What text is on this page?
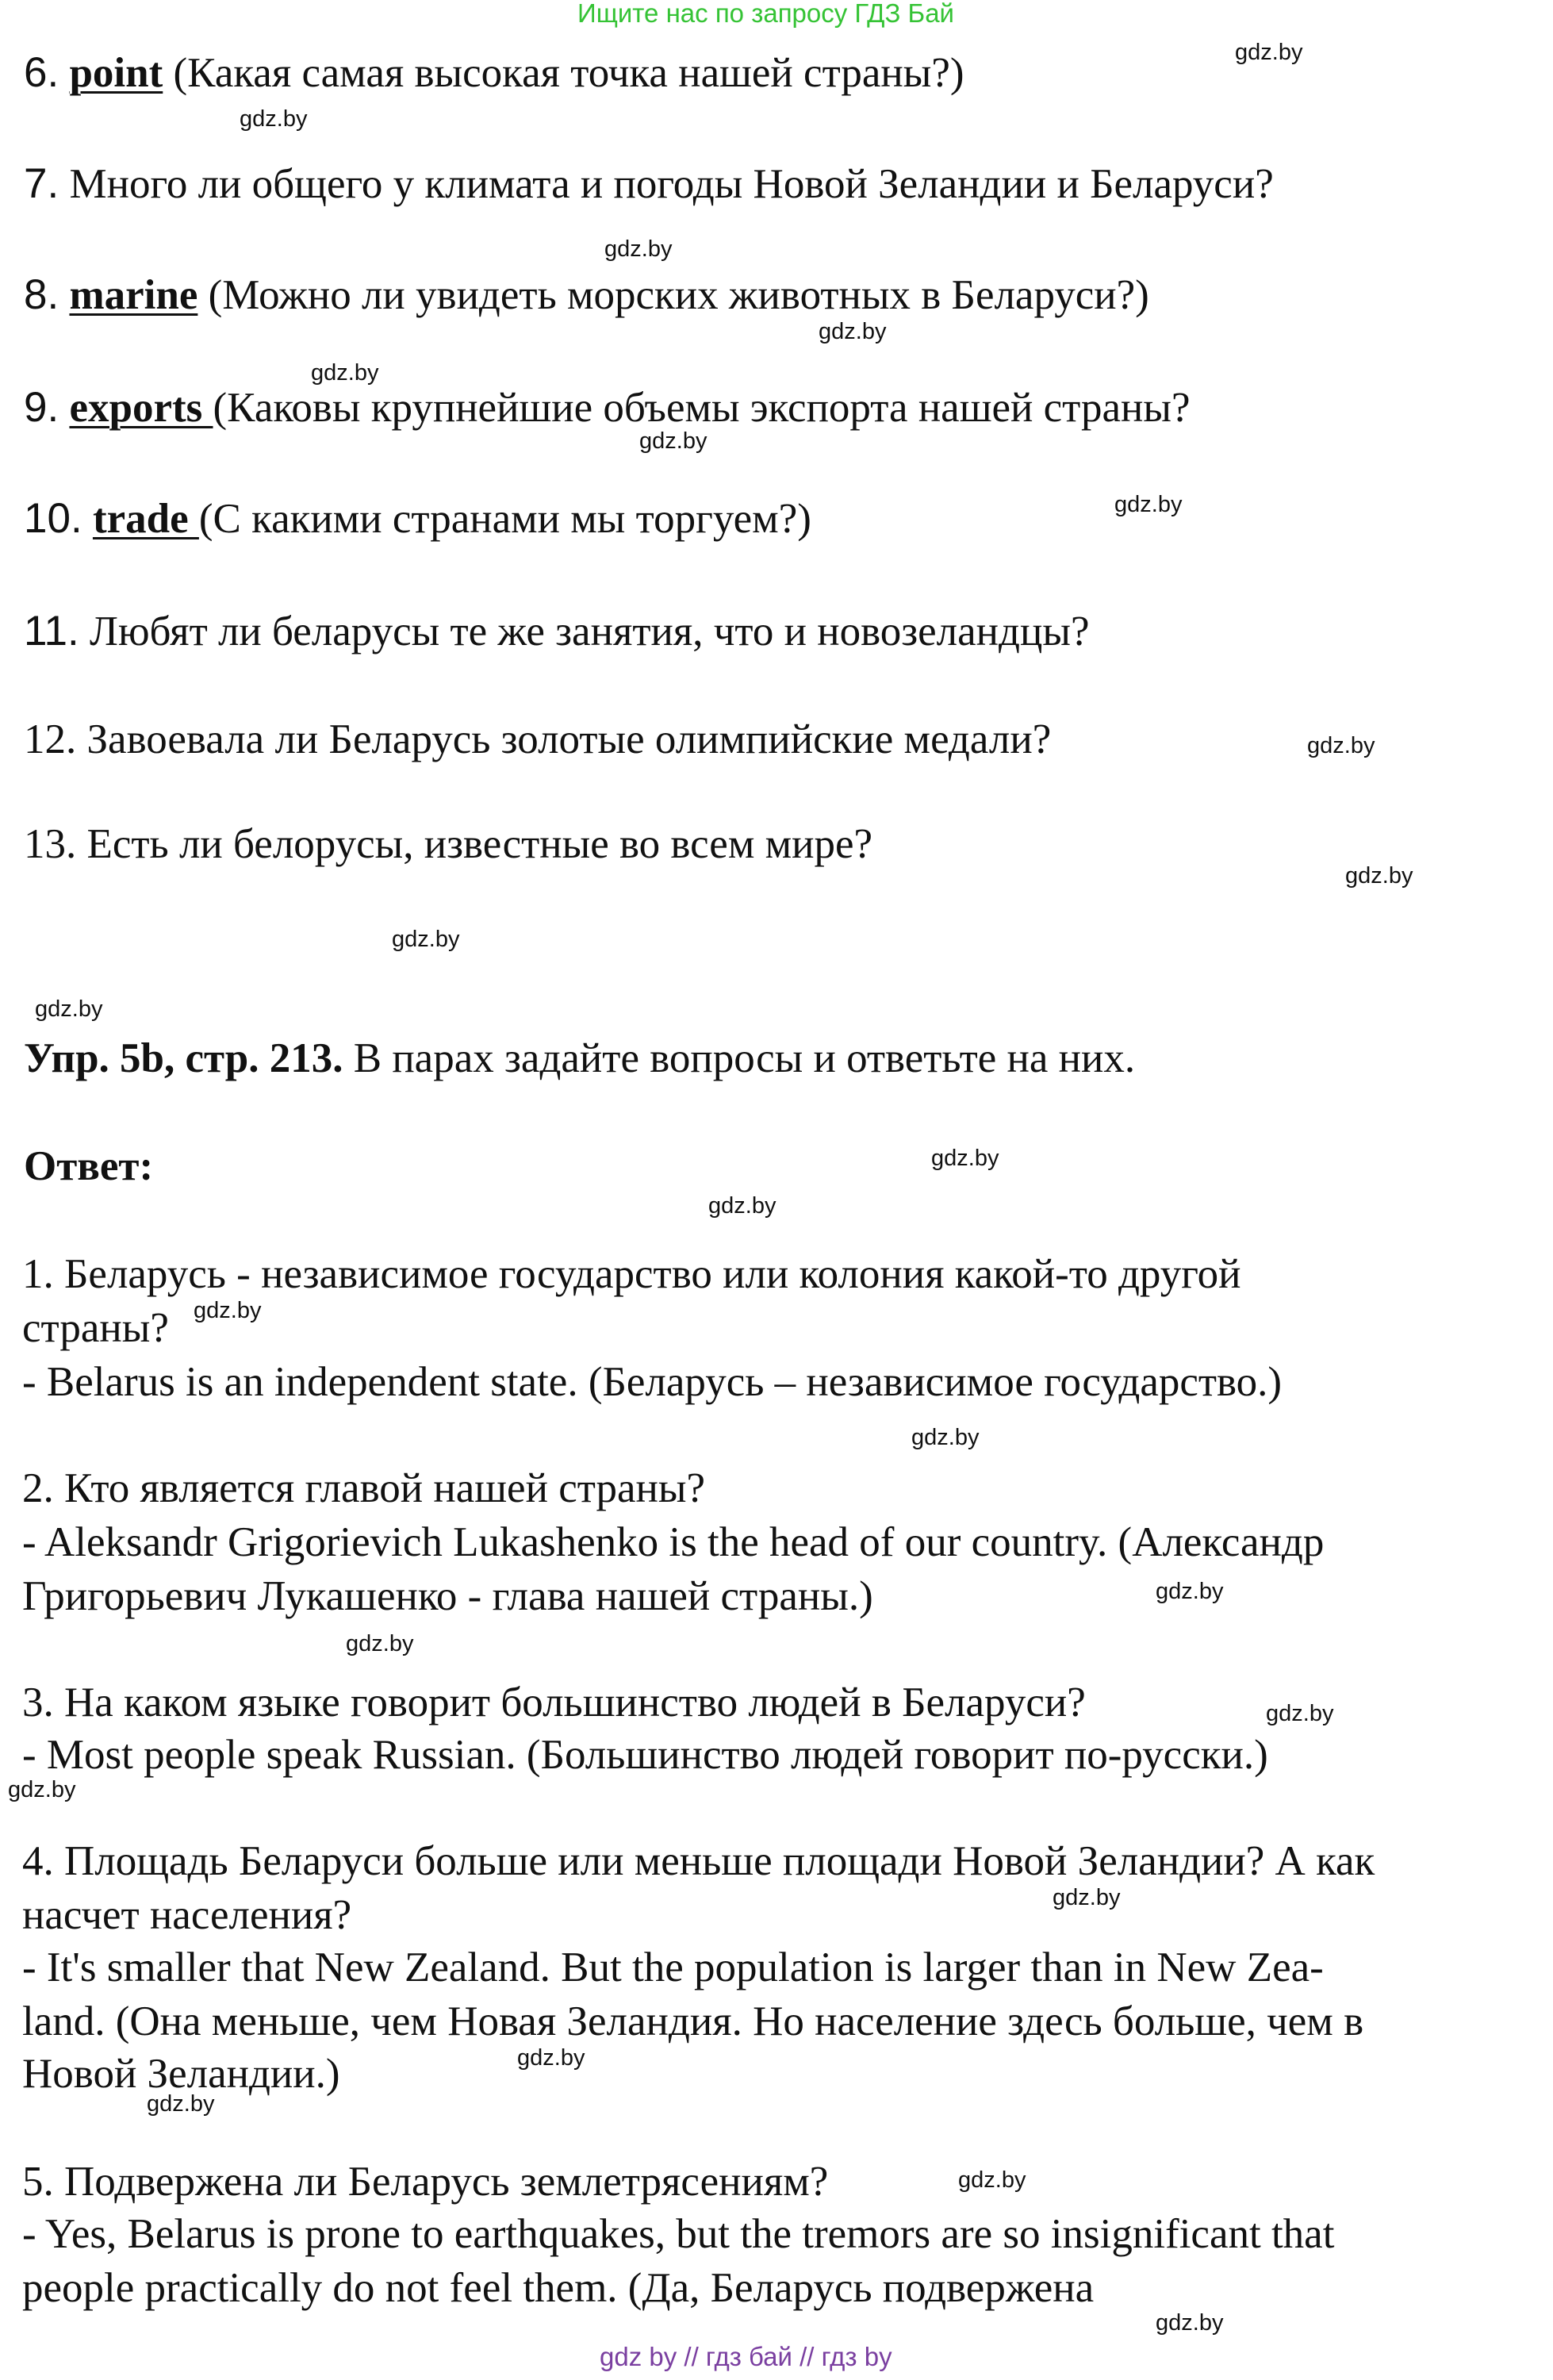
Ищите нас по запросу ГДЗ Бай
6. point (Какая самая высокая точка нашей страны?)
7. Много ли общего у климата и погоды Новой Зеландии и Беларуси?
8. marine (Можно ли увидеть морских животных в Беларуси?)
9. exports (Каковы крупнейшие объемы экспорта нашей страны?
10. trade (С какими странами мы торгуем?)
11. Любят ли беларусы те же занятия, что и новозеландцы?
12. Завоевала ли Беларусь золотые олимпийские медали?
13. Есть ли белорусы, известные во всем мире?
Упр. 5b, стр. 213. В парах задайте вопросы и ответьте на них.
Ответ:
1. Беларусь - независимое государство или колония какой-то другой
страны?
- Belarus is an independent state. (Беларусь – независимое государство.)
2. Кто является главой нашей страны?
- Aleksandr Grigorievich Lukashenko is the head of our country. (Александр
Григорьевич Лукашенко - глава нашей страны.)
3. На каком языке говорит большинство людей в Беларуси?
- Most people speak Russian. (Большинство людей говорит по-русски.)
4. Площадь Беларуси больше или меньше площади Новой Зеландии? А как
насчет населения?
- It's smaller that New Zealand. But the population is larger than in New Zea-
land. (Она меньше, чем Новая Зеландия. Но население здесь больше, чем в
Новой Зеландии.)
5. Подвержена ли Беларусь землетрясениям?
- Yes, Belarus is prone to earthquakes, but the tremors are so insignificant that
people practically do not feel them. (Да, Беларусь подвержена
gdz.by
gdz.by
gdz.by
gdz.by
gdz.by
gdz.by
gdz.by
gdz.by
gdz.by
gdz.by
gdz.by
gdz.by
gdz.by
gdz.by
gdz.by
gdz.by
gdz.by
gdz.by
gdz.by
gdz.by
gdz.by
gdz.by
gdz.by
gdz.by
gdz by // гдз бай // гдз by
